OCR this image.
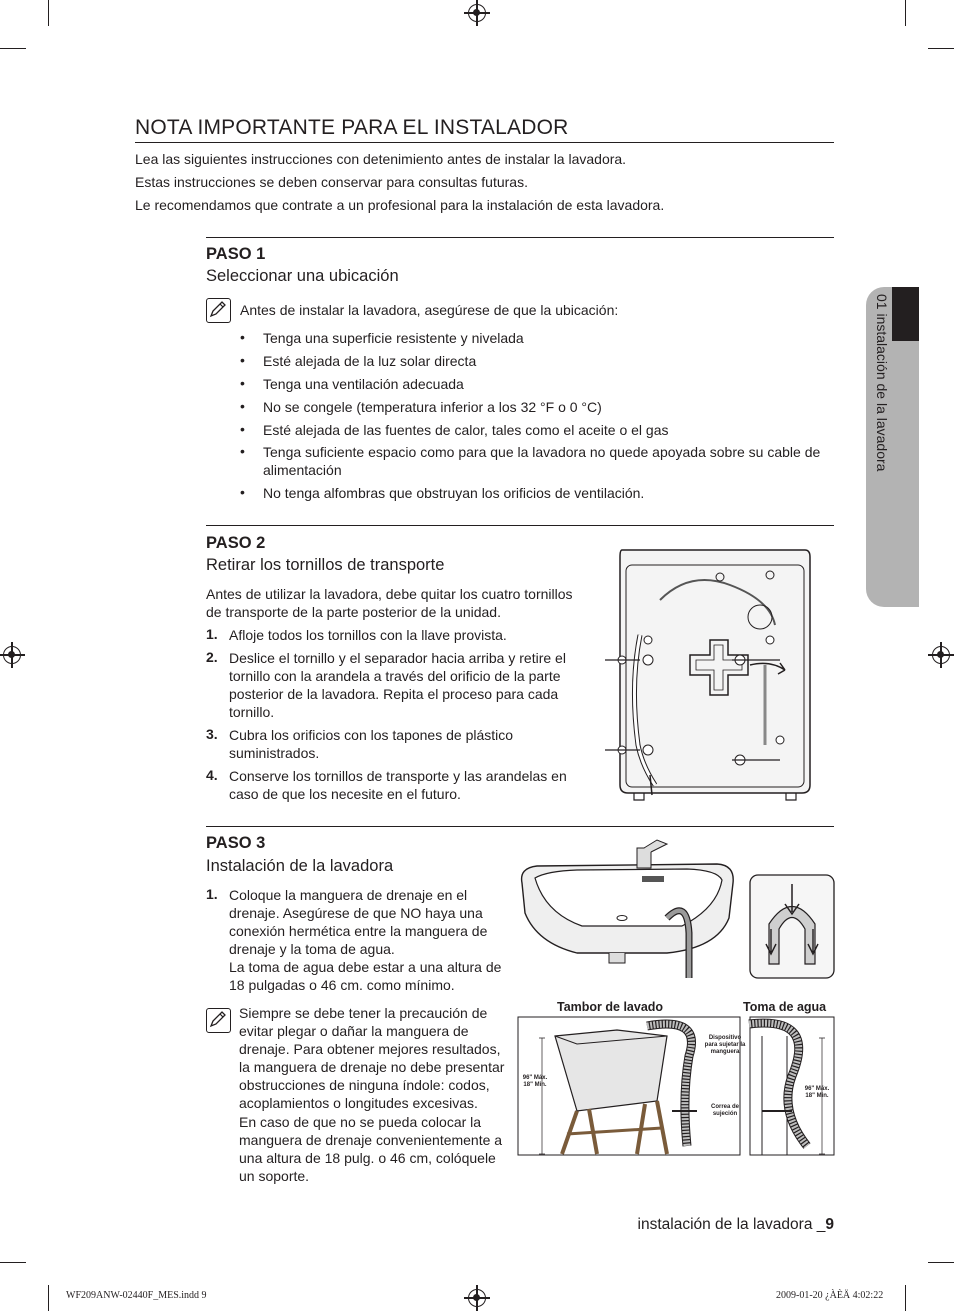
NOTA IMPORTANTE PARA EL INSTALADOR
Lea las siguientes instrucciones con detenimiento antes de instalar la lavadora.
Estas instrucciones se deben conservar para consultas futuras.
Le recomendamos que contrate a un profesional para la instalación de esta lavadora.
01 instalación de la lavadora
PASO 1
Seleccionar una ubicación
Antes de instalar la lavadora, asegúrese de que la ubicación:
• Tenga una superficie resistente y nivelada
• Esté alejada de la luz solar directa
• Tenga una ventilación adecuada
• No se congele (temperatura inferior a los 32 °F o 0 °C)
• Esté alejada de las fuentes de calor, tales como el aceite o el gas
• Tenga suficiente espacio como para que la lavadora no quede apoyada sobre su cable de alimentación
• No tenga alfombras que obstruyan los orificios de ventilación.
PASO 2
Retirar los tornillos de transporte
Antes de utilizar la lavadora, debe quitar los cuatro tornillos de transporte de la parte posterior de la unidad.
1. Afloje todos los tornillos con la llave provista.
2. Deslice el tornillo y el separador hacia arriba y retire el tornillo con la arandela a través del orificio de la parte posterior de la lavadora. Repita el proceso para cada tornillo.
3. Cubra los orificios con los tapones de plástico suministrados.
4. Conserve los tornillos de transporte y las arandelas en caso de que los necesite en el futuro.
PASO 3
Instalación de la lavadora
1. Coloque la manguera de drenaje en el
drenaje. Asegúrese de que NO haya una
conexión hermética entre la manguera de
drenaje y la toma de agua.
La toma de agua debe estar a una altura de
18 pulgadas o 46 cm. como mínimo.
Siempre se debe tener la precaución de
evitar plegar o dañar la manguera de
drenaje. Para obtener mejores resultados,
la manguera de drenaje no debe presentar
obstrucciones de ninguna índole: codos,
acoplamientos o longitudes excesivas.
En caso de que no se pueda colocar la
manguera de drenaje convenientemente a
una altura de 18 pulg. o 46 cm, colóquele
un soporte.
Tambor de lavado	Toma de agua
Dispositivo para sujetar la manguera
Correa de sujeción
96" Máx.
18" Min.
96" Máx.
18" Min.
instalación de la lavadora _9
WF209ANW-02440F_MES.indd 9	2009-01-20 ¿ÀÈÄ 4:02:22
